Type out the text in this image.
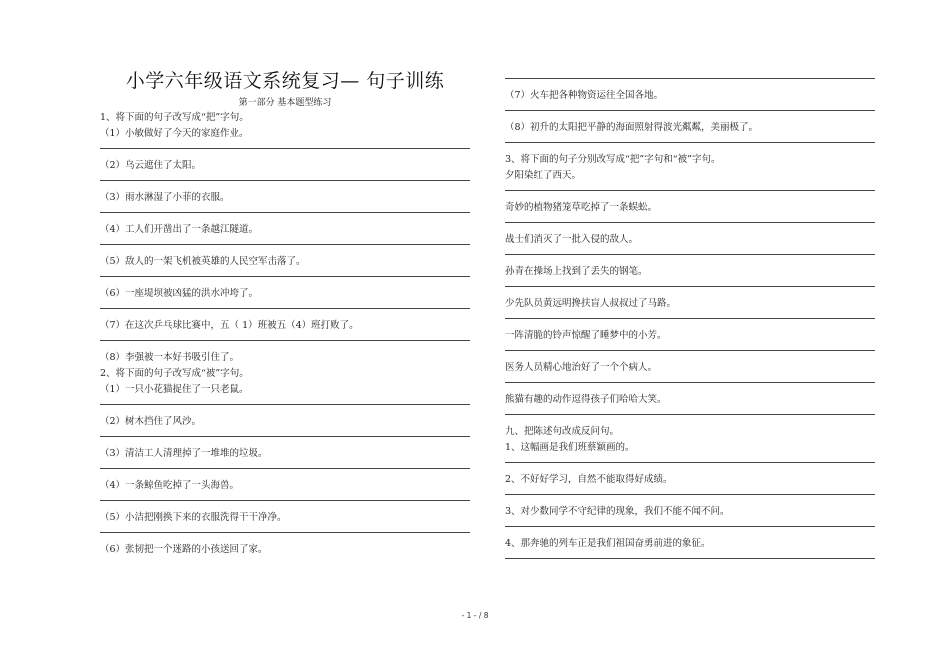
小学六年级语文系统复习— 句子训练
第一部分 基本题型练习
1、将下面的句子改写成“把”字句。
（1）小敏做好了今天的家庭作业。
（2）乌云遮住了太阳。
（3）雨水淋湿了小菲的衣服。
（4）工人们开凿出了一条越江隧道。
（5）敌人的一架飞机被英雄的人民空军击落了。
（6）一座堤坝被凶猛的洪水冲垮了。
（7）在这次乒乓球比赛中，五（ 1）班被五（4）班打败了。
（8）李强被一本好书吸引住了。
2、将下面的句子改写成“被”字句。
（1）一只小花猫捉住了一只老鼠。
（2）树木挡住了风沙。
（3）清洁工人清理掉了一堆堆的垃圾。
（4）一条鲸鱼吃掉了一头海兽。
（5）小洁把刚换下来的衣服洗得干干净净。
（6）张韧把一个迷路的小孩送回了家。
（7）火车把各种物资运往全国各地。
（8）初升的太阳把平静的海面照射得波光粼粼，美丽极了。
3、将下面的句子分别改写成“把”字句和“被”字句。
夕阳染红了西天。
奇妙的植物猪笼草吃掉了一条蜈蚣。
战士们消灭了一批入侵的敌人。
孙青在操场上找到了丢失的钢笔。
少先队员黄远明搀扶盲人叔叔过了马路。
一阵清脆的铃声惊醒了睡梦中的小芳。
医务人员精心地治好了一个个病人。
熊猫有趣的动作逗得孩子们哈哈大笑。
九、把陈述句改成反问句。
1、这幅画是我们班蔡颖画的。
2、不好好学习，自然不能取得好成绩。
3、对少数同学不守纪律的现象，我们不能不闻不问。
4、那奔驰的列车正是我们祖国奋勇前进的象征。
- 1 - / 8
